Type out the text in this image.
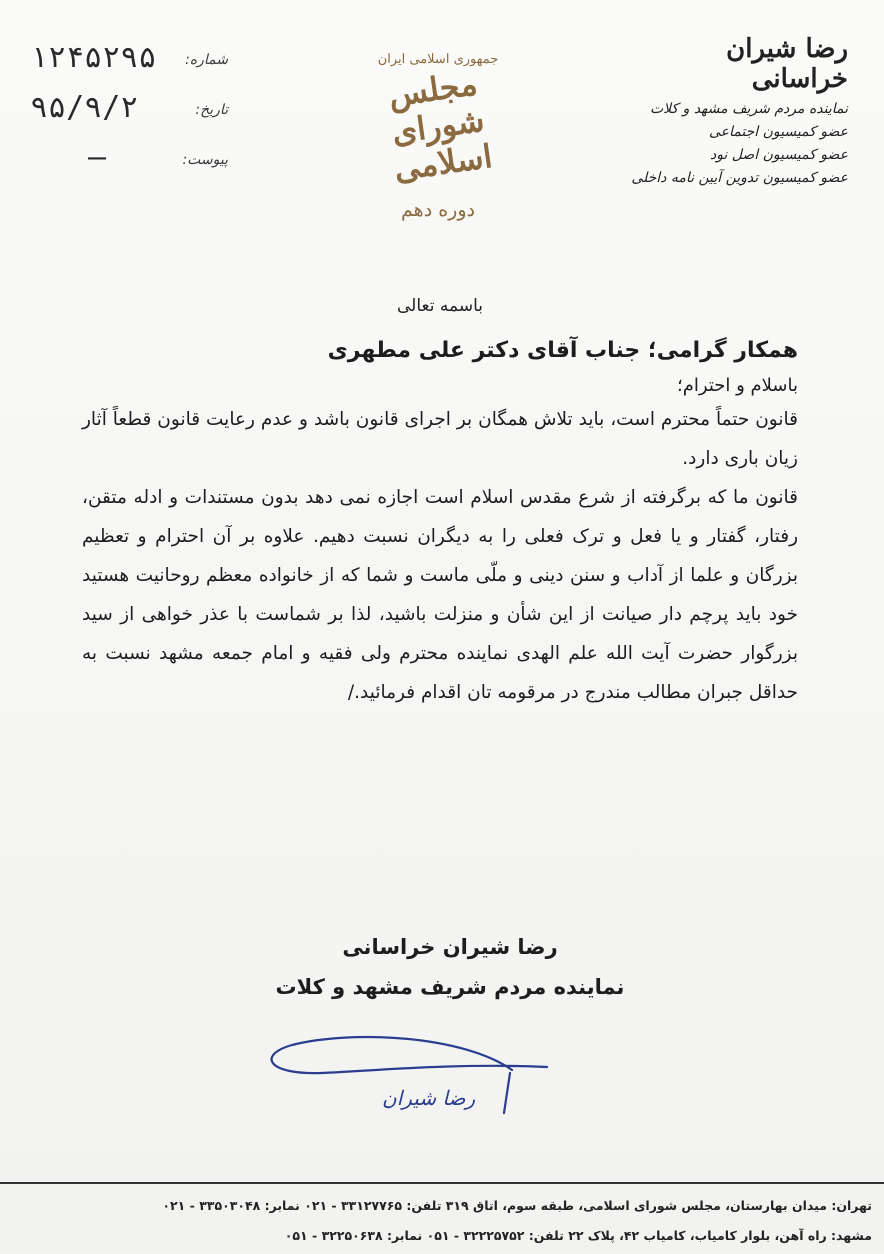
۱۲۴۵۲۹۵ شماره:
۹۵/۹/۲	تاریخ:
—	پیوست:
جمهوری اسلامی ایران
مجلس شورای اسلامی
دوره دهم
رضا شیران خراسانی
نماینده مردم شریف مشهد و کلات
عضو کمیسیون اجتماعی
عضو کمیسیون اصل نود
عضو کمیسیون تدوین آیین نامه داخلی
باسمه تعالی
همکار گرامی؛ جناب آقای دکتر علی مطهری
باسلام و احترام؛

قانون حتماً محترم است، باید تلاش همگان بر اجرای قانون باشد و عدم رعایت قانون قطعاً آثار زیان باری دارد.

قانون ما که برگرفته از شرع مقدس اسلام است اجازه نمی دهد بدون مستندات و ادله متقن، رفتار، گفتار و یا فعل و ترک فعلی را به دیگران نسبت دهیم. علاوه بر آن احترام و تعظیم بزرگان و علما از آداب و سنن دینی و ملّی ماست و شما که از خانواده معظم روحانیت هستید خود باید پرچم دار صیانت از این شأن و منزلت باشید، لذا بر شماست با عذر خواهی از سید بزرگوار حضرت آیت الله علم الهدی نماینده محترم ولی فقیه و امام جمعه مشهد نسبت به حداقل جبران مطالب مندرج در مرقومه تان اقدام فرمائید./

رضا شیران خراسانی
نماینده مردم شریف مشهد و کلات
رضا شیران
تهران: میدان بهارستان، مجلس شورای اسلامی، طبقه سوم، اتاق ۳۱۹ تلفن: ۳۳۱۲۷۷۶۵ - ۰۲۱ نمابر: ۳۳۵۰۳۰۴۸ - ۰۲۱
مشهد: راه آهن، بلوار کامیاب، کامیاب ۴۲، پلاک ۲۲ تلفن: ۳۲۲۲۵۷۵۲ - ۰۵۱ نمابر: ۳۲۲۵۰۶۳۸ - ۰۵۱
